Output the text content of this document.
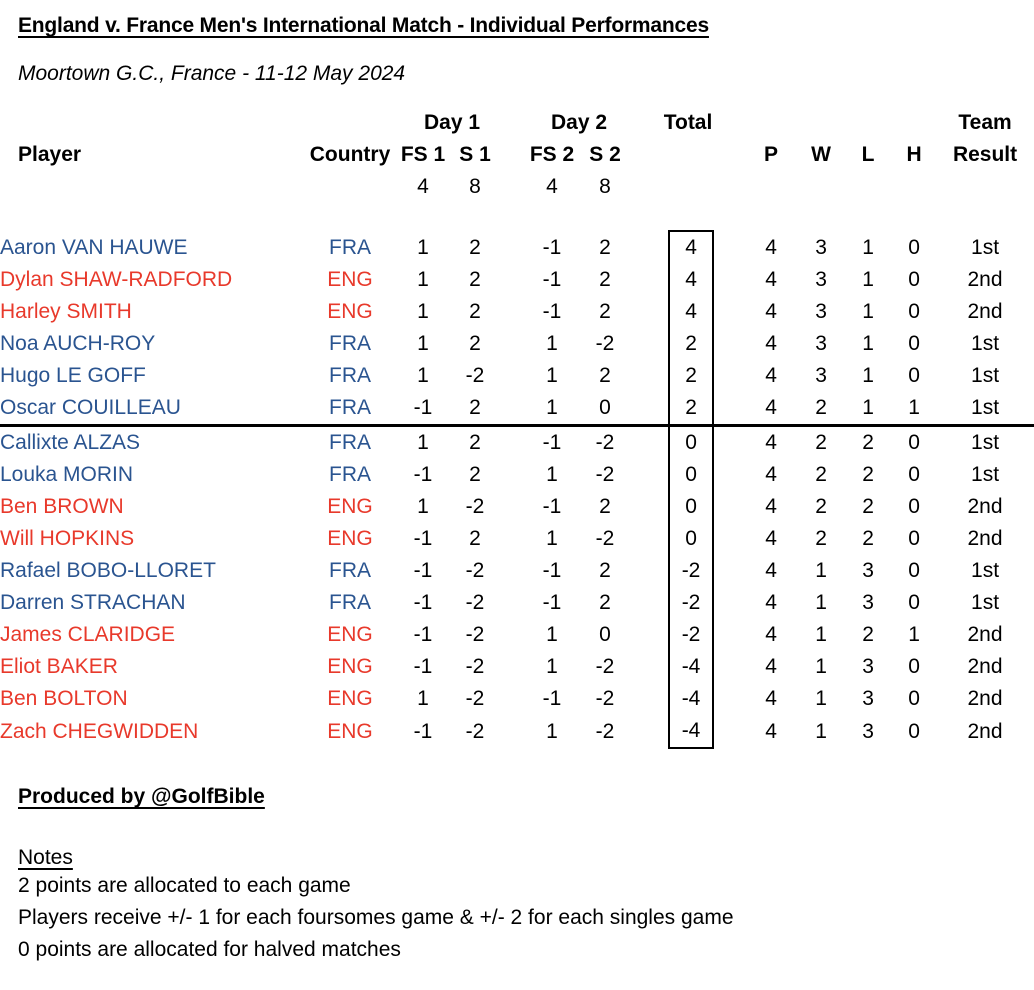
England v. France Men's International Match - Individual Performances
Moortown G.C., France - 11-12 May 2024
		Day 1			Day 2		Total							Team
Player	Country	FS 1	S 1		FS 2	S 2				P	W	L	H	Result
		4	8		4	8								

Aaron VAN HAUWE	FRA	1	2		-1	2		4		4	3	1	0	1st
Dylan SHAW-RADFORD	ENG	1	2		-1	2		4		4	3	1	0	2nd
Harley SMITH	ENG	1	2		-1	2		4		4	3	1	0	2nd
Noa AUCH-ROY	FRA	1	2		1	-2		2		4	3	1	0	1st
Hugo LE GOFF	FRA	1	-2		1	2		2		4	3	1	0	1st
Oscar COUILLEAU	FRA	-1	2		1	0		2		4	2	1	1	1st
Callixte ALZAS	FRA	1	2		-1	-2		0		4	2	2	0	1st
Louka MORIN	FRA	-1	2		1	-2		0		4	2	2	0	1st
Ben BROWN	ENG	1	-2		-1	2		0		4	2	2	0	2nd
Will HOPKINS	ENG	-1	2		1	-2		0		4	2	2	0	2nd
Rafael BOBO-LLORET	FRA	-1	-2		-1	2		-2		4	1	3	0	1st
Darren STRACHAN	FRA	-1	-2		-1	2		-2		4	1	3	0	1st
James CLARIDGE	ENG	-1	-2		1	0		-2		4	1	2	1	2nd
Eliot BAKER	ENG	-1	-2		1	-2		-4		4	1	3	0	2nd
Ben BOLTON	ENG	1	-2		-1	-2		-4		4	1	3	0	2nd
Zach CHEGWIDDEN	ENG	-1	-2		1	-2		-4		4	1	3	0	2nd
Produced by @GolfBible
Notes
2 points are allocated to each game
Players receive +/- 1 for each foursomes game & +/- 2 for each singles game
0 points are allocated for halved matches
